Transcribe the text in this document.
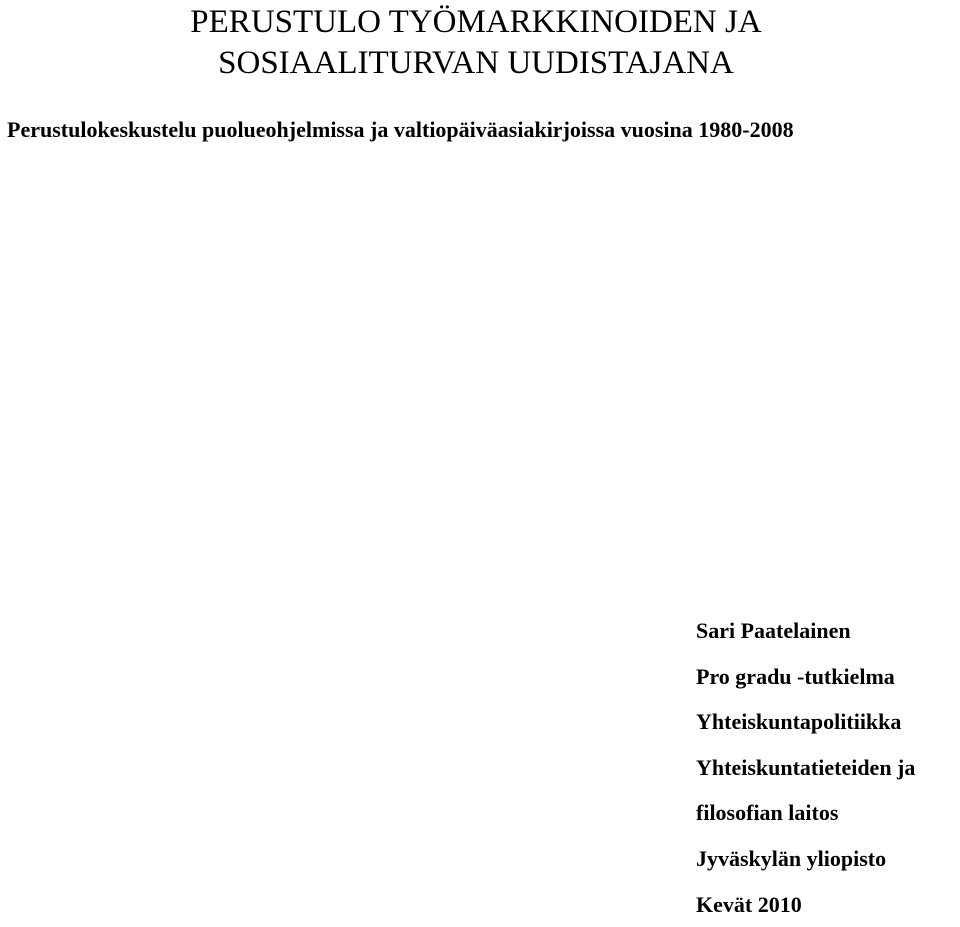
PERUSTULO TYÖMARKKINOIDEN JA

SOSIAALITURVAN UUDISTAJANA

Perustulokeskustelu puolueohjelmissa ja valtiopäiväasiakirjoissa vuosina 1980-2008

Sari Paatelainen

Pro gradu -tutkielma

Yhteiskuntapolitiikka

Yhteiskuntatieteiden ja

filosofian laitos

Jyväskylän yliopisto

Kevät 2010
